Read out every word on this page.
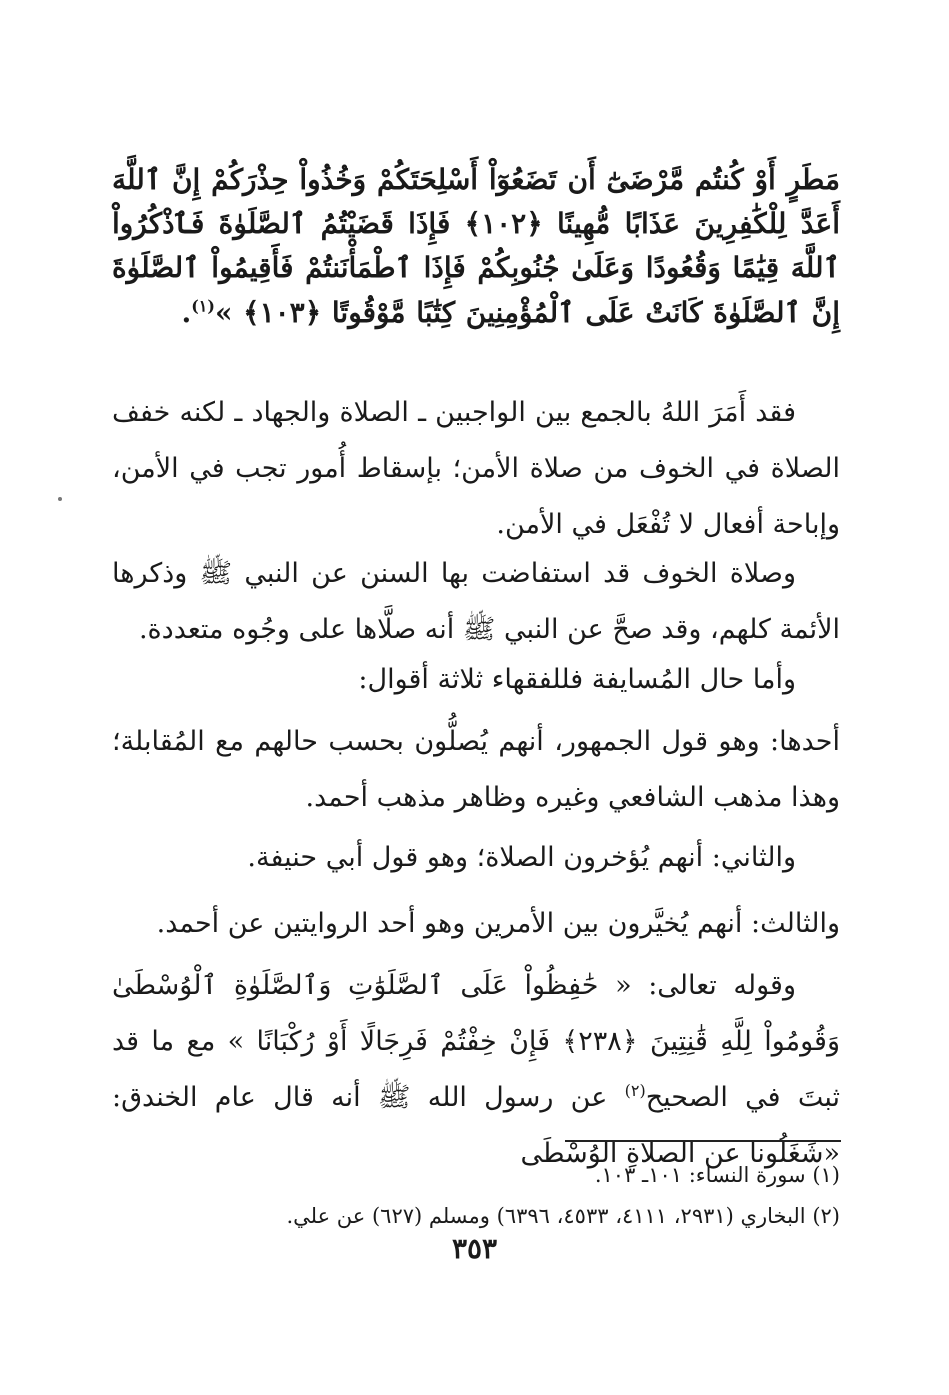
مَطَرٍ أَوْ كُنتُم مَّرْضَىٰٓ أَن تَضَعُوٓاْ أَسْلِحَتَكُمْ وَخُذُواْ حِذْرَكُمْ إِنَّ ٱللَّهَ أَعَدَّ لِلْكَٰفِرِينَ عَذَابًا مُّهِينًا ﴿١٠٢﴾ فَإِذَا قَضَيْتُمُ ٱلصَّلَوٰةَ فَٱذْكُرُواْ ٱللَّهَ قِيَٰمًا وَقُعُودًا وَعَلَىٰ جُنُوبِكُمْ فَإِذَا ٱطْمَأْنَنتُمْ فَأَقِيمُواْ ٱلصَّلَوٰةَ إِنَّ ٱلصَّلَوٰةَ كَانَتْ عَلَى ٱلْمُؤْمِنِينَ كِتَٰبًا مَّوْقُوتًا ﴿١٠٣﴾ »$^{(١)}$.

فقد أَمَرَ اللهُ بالجمع بين الواجبين ـ الصلاة والجهاد ـ لكنه خفف الصلاة في الخوف من صلاة الأمن؛ بإسقاط أُمور تجب في الأمن، وإباحة أفعال لا تُفْعَل في الأمن.

وصلاة الخوف قد استفاضت بها السنن عن النبي ﷺ وذكرها الأئمة كلهم، وقد صحَّ عن النبي ﷺ أنه صلَّاها على وجُوه متعددة.

وأما حال المُسايفة فللفقهاء ثلاثة أقوال:

أحدها: وهو قول الجمهور، أنهم يُصلُّون بحسب حالهم مع المُقابلة؛ وهذا مذهب الشافعي وغيره وظاهر مذهب أحمد.

والثاني: أنهم يُؤخرون الصلاة؛ وهو قول أبي حنيفة.

والثالث: أنهم يُخيَّرون بين الأمرين وهو أحد الروايتين عن أحمد.

وقوله تعالى: « حَٰفِظُواْ عَلَى ٱلصَّلَوَٰتِ وَٱلصَّلَوٰةِ ٱلْوُسْطَىٰ وَقُومُواْ لِلَّهِ قَٰنِتِينَ ﴿٢٣٨﴾ فَإِنْ خِفْتُمْ فَرِجَالًا أَوْ رُكْبَانًا » مع ما قد ثبتَ في الصحيح$^{(٢)}$ عن رسول الله ﷺ أنه قال عام الخندق: «شَغَلُونا عن الصلاةِ الوُسْطَى

(١) سورة النساء: ١٠١ـ ١٠٣.

(٢) البخاري (٢٩٣١، ٤١١١، ٤٥٣٣، ٦٣٩٦) ومسلم (٦٢٧) عن علي.

٣٥٣
